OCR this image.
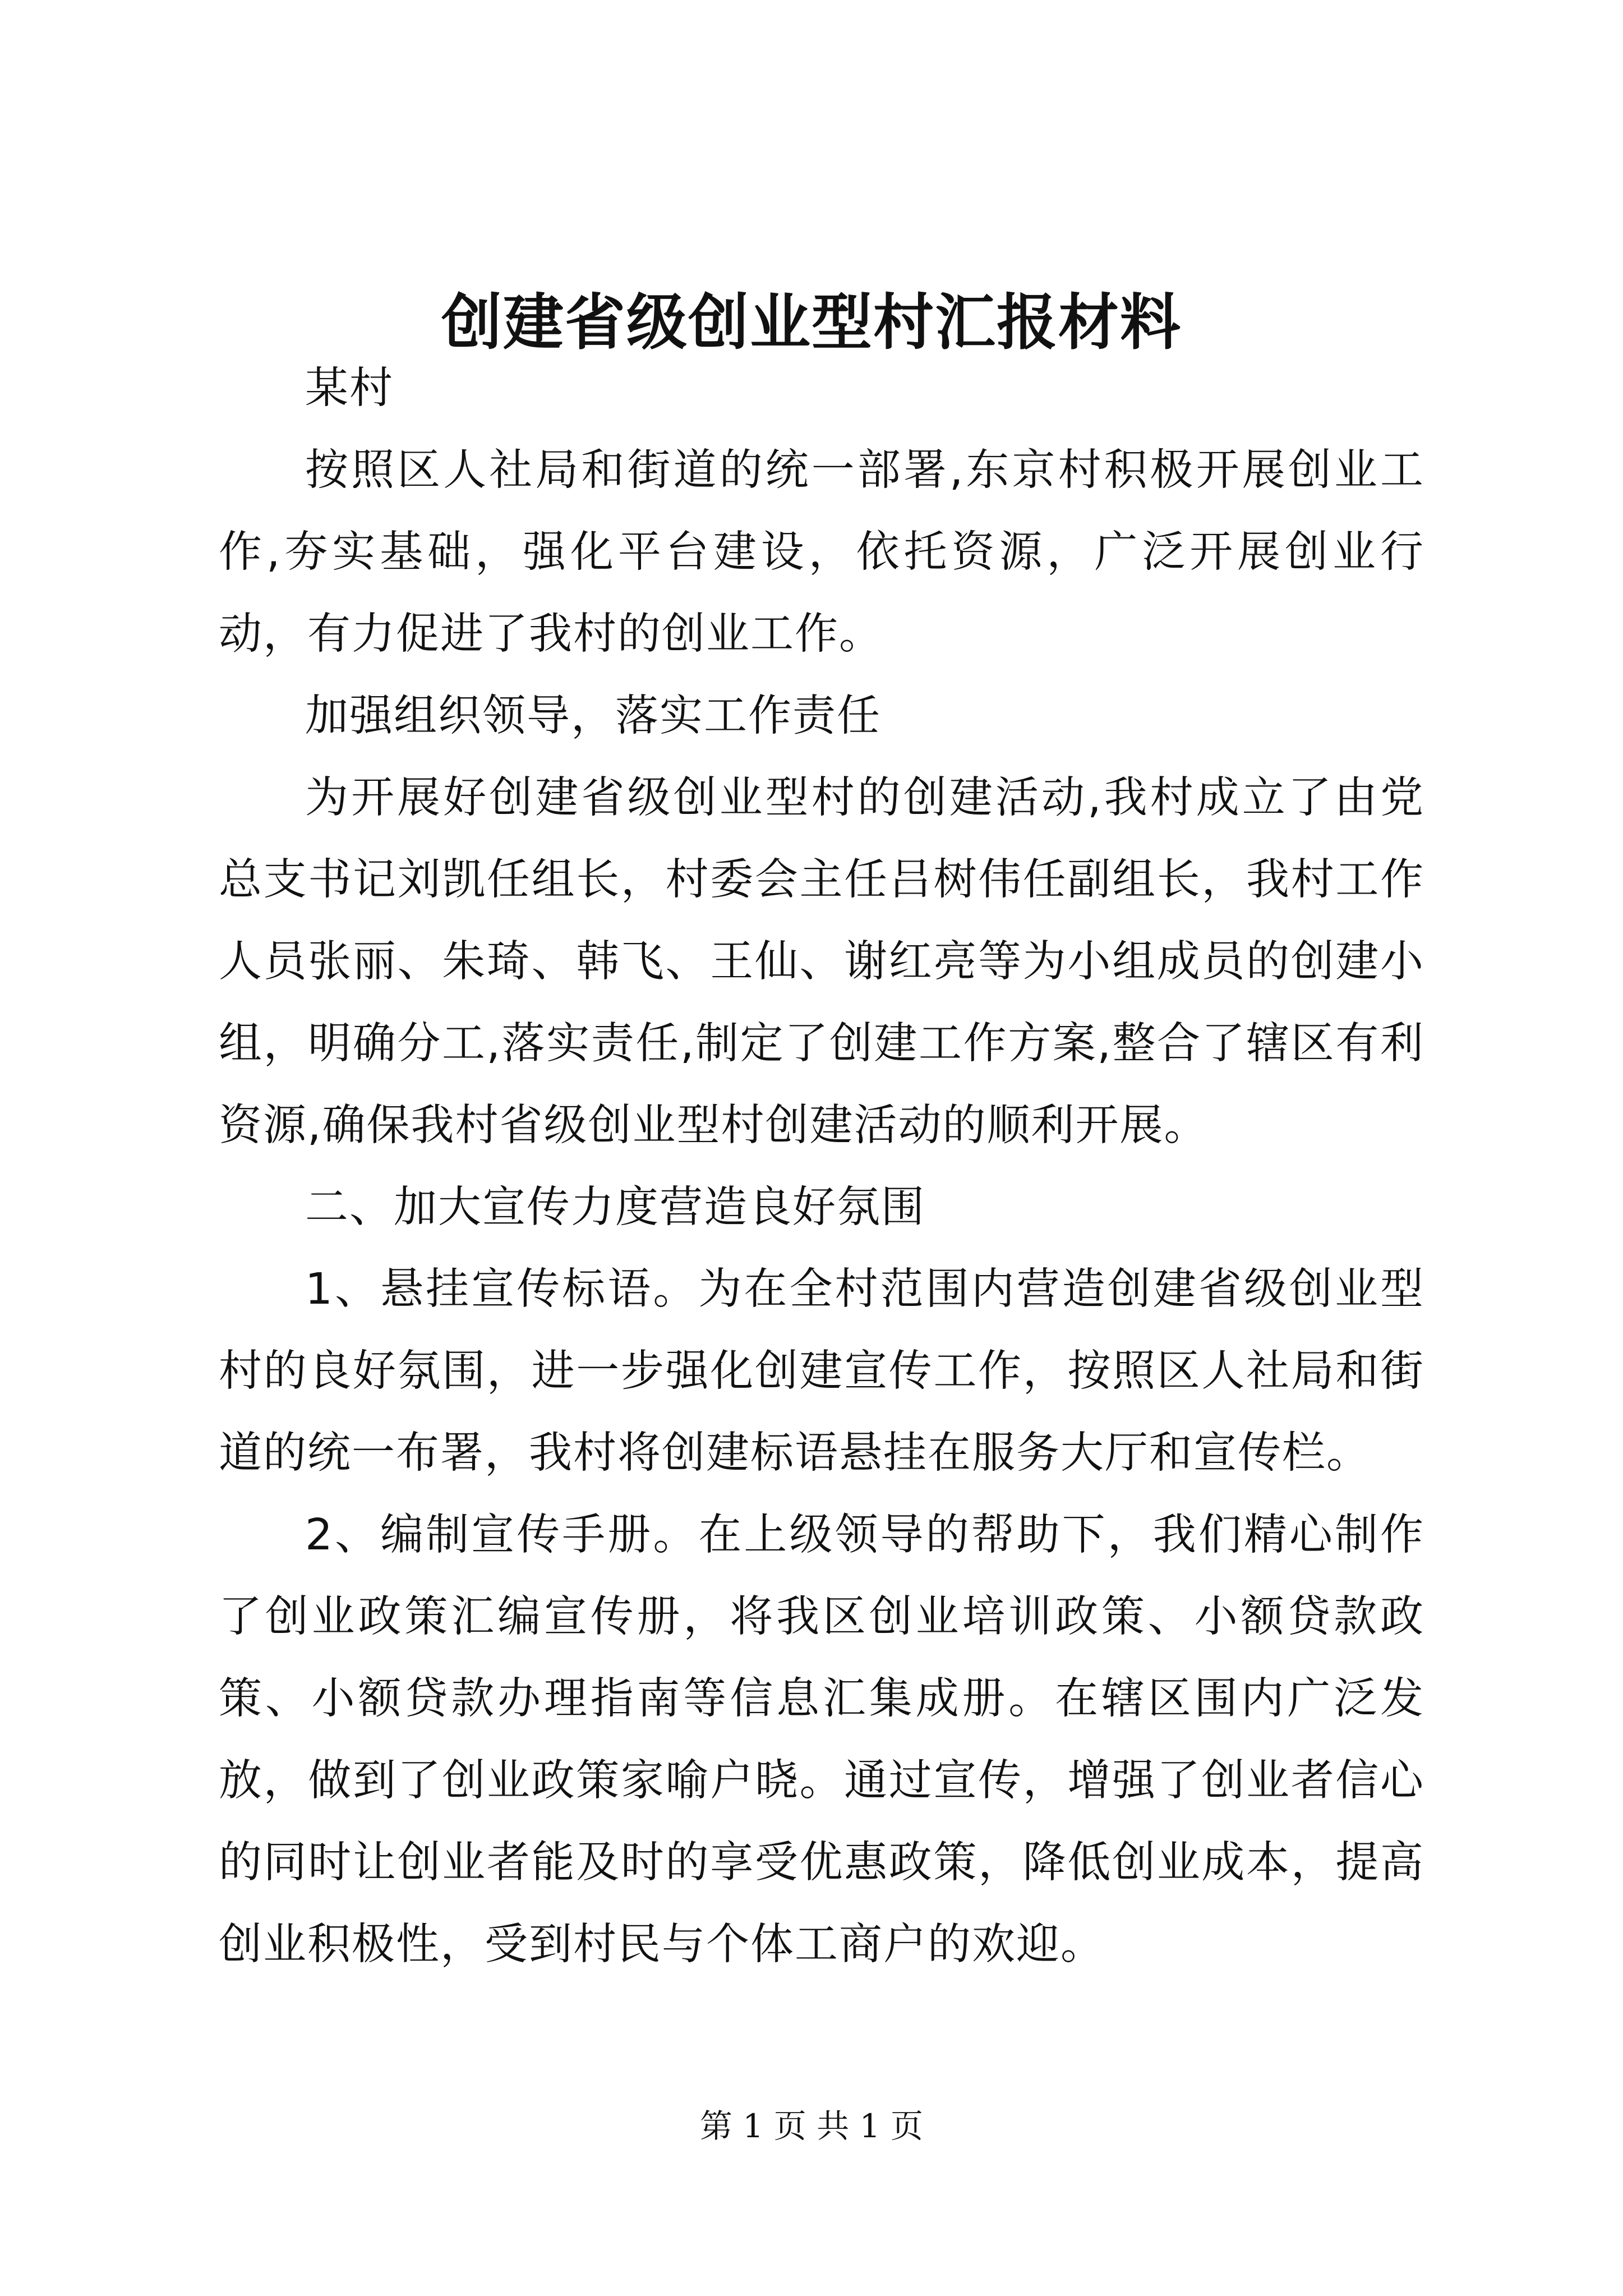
创建省级创业型村汇报材料

某村

按照区人社局和街道的统一部署,东京村积极开展创业工作,夯实基础，强化平台建设，依托资源，广泛开展创业行动，有力促进了我村的创业工作。

加强组织领导，落实工作责任

为开展好创建省级创业型村的创建活动,我村成立了由党总支书记刘凯任组长，村委会主任吕树伟任副组长，我村工作人员张丽、朱琦、韩飞、王仙、谢红亮等为小组成员的创建小组，明确分工,落实责任,制定了创建工作方案,整合了辖区有利资源,确保我村省级创业型村创建活动的顺利开展。

二、加大宣传力度营造良好氛围

1、悬挂宣传标语。为在全村范围内营造创建省级创业型村的良好氛围，进一步强化创建宣传工作，按照区人社局和街道的统一布署，我村将创建标语悬挂在服务大厅和宣传栏。

2、编制宣传手册。在上级领导的帮助下，我们精心制作了创业政策汇编宣传册，将我区创业培训政策、小额贷款政策、小额贷款办理指南等信息汇集成册。在辖区围内广泛发放，做到了创业政策家喻户晓。通过宣传，增强了创业者信心的同时让创业者能及时的享受优惠政策，降低创业成本，提高创业积极性，受到村民与个体工商户的欢迎。

第 1 页 共 1 页
